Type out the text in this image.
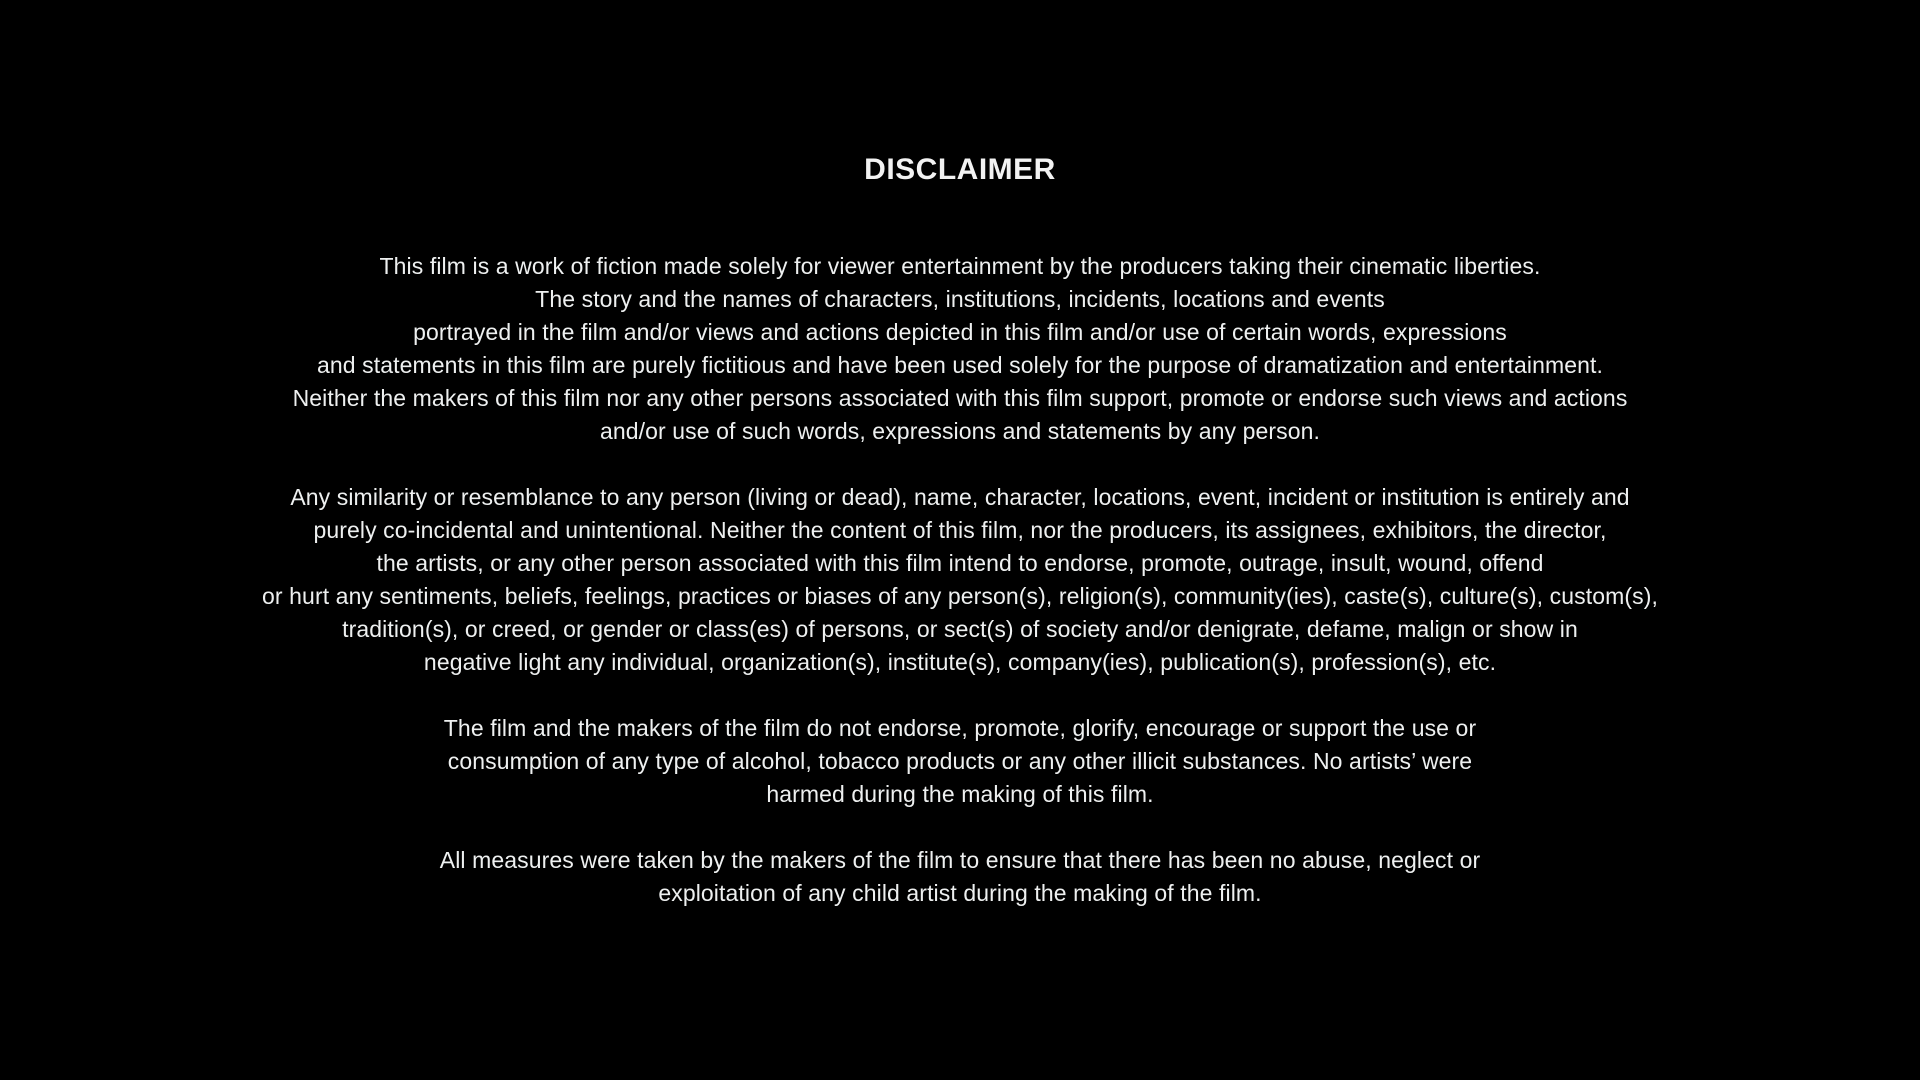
DISCLAIMER
This film is a work of fiction made solely for viewer entertainment by the producers taking their cinematic liberties.
The story and the names of characters, institutions, incidents, locations and events
portrayed in the film and/or views and actions depicted in this film and/or use of certain words, expressions
and statements in this film are purely fictitious and have been used solely for the purpose of dramatization and entertainment.
Neither the makers of this film nor any other persons associated with this film support, promote or endorse such views and actions
and/or use of such words, expressions and statements by any person.
Any similarity or resemblance to any person (living or dead), name, character, locations, event, incident or institution is entirely and
purely co-incidental and unintentional. Neither the content of this film, nor the producers, its assignees, exhibitors, the director,
the artists, or any other person associated with this film intend to endorse, promote, outrage, insult, wound, offend
or hurt any sentiments, beliefs, feelings, practices or biases of any person(s), religion(s), community(ies), caste(s), culture(s), custom(s),
tradition(s), or creed, or gender or class(es) of persons, or sect(s) of society and/or denigrate, defame, malign or show in
negative light any individual, organization(s), institute(s), company(ies), publication(s), profession(s), etc.
The film and the makers of the film do not endorse, promote, glorify, encourage or support the use or
consumption of any type of alcohol, tobacco products or any other illicit substances. No artists’ were
harmed during the making of this film.
All measures were taken by the makers of the film to ensure that there has been no abuse, neglect or
exploitation of any child artist during the making of the film.
